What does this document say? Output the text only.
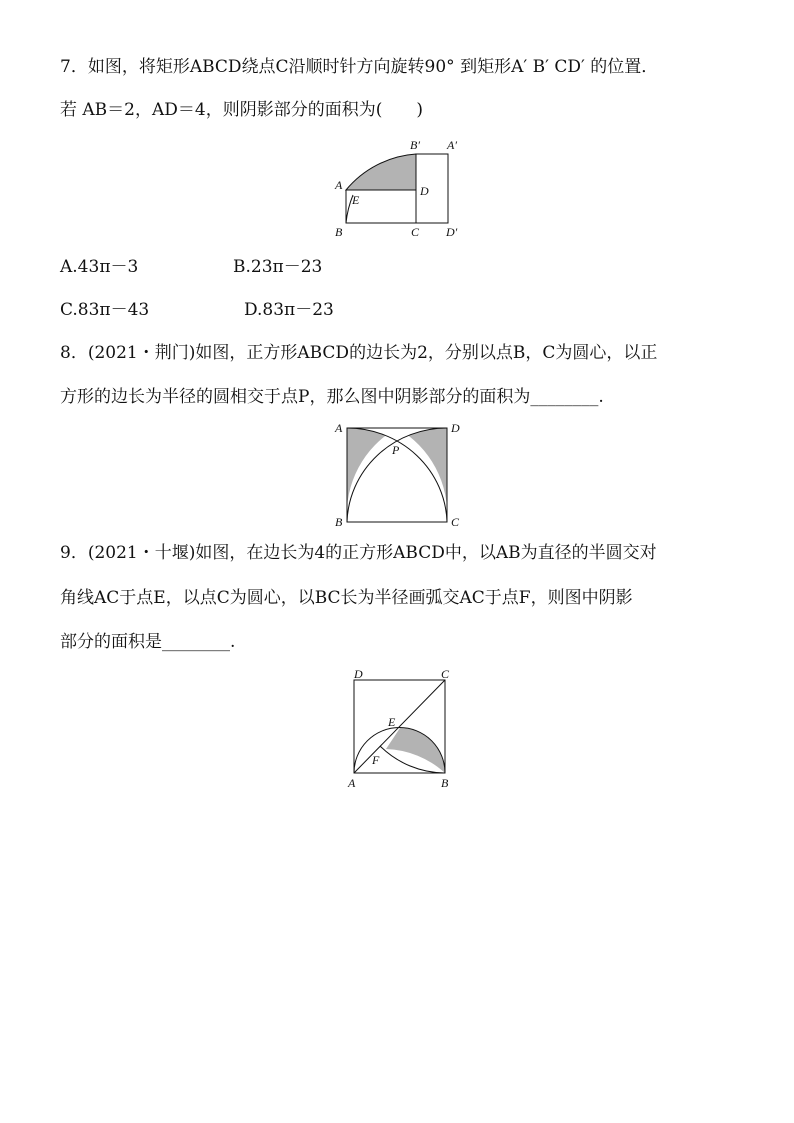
7．如图，将矩形ABCD绕点C沿顺时针方向旋转90° 到矩形A′ B′ CD′ 的位置．
若 AB＝2，AD＝4，则阴影部分的面积为(　　)
A
B	C
D
E
B′ A′
D′
A.43π－3	B.23π－23
C.83π－43	D.83π－23
8．(2021・荆门)如图，正方形ABCD的边长为2，分别以点B，C为圆心，以正
方形的边长为半径的圆相交于点P，那么图中阴影部分的面积为________.
A	D
B	C
P
9．(2021・十堰)如图，在边长为4的正方形ABCD中，以AB为直径的半圆交对
角线AC于点E，以点C为圆心，以BC长为半径画弧交AC于点F，则图中阴影
部分的面积是________.
D	C
A	B
E
F
